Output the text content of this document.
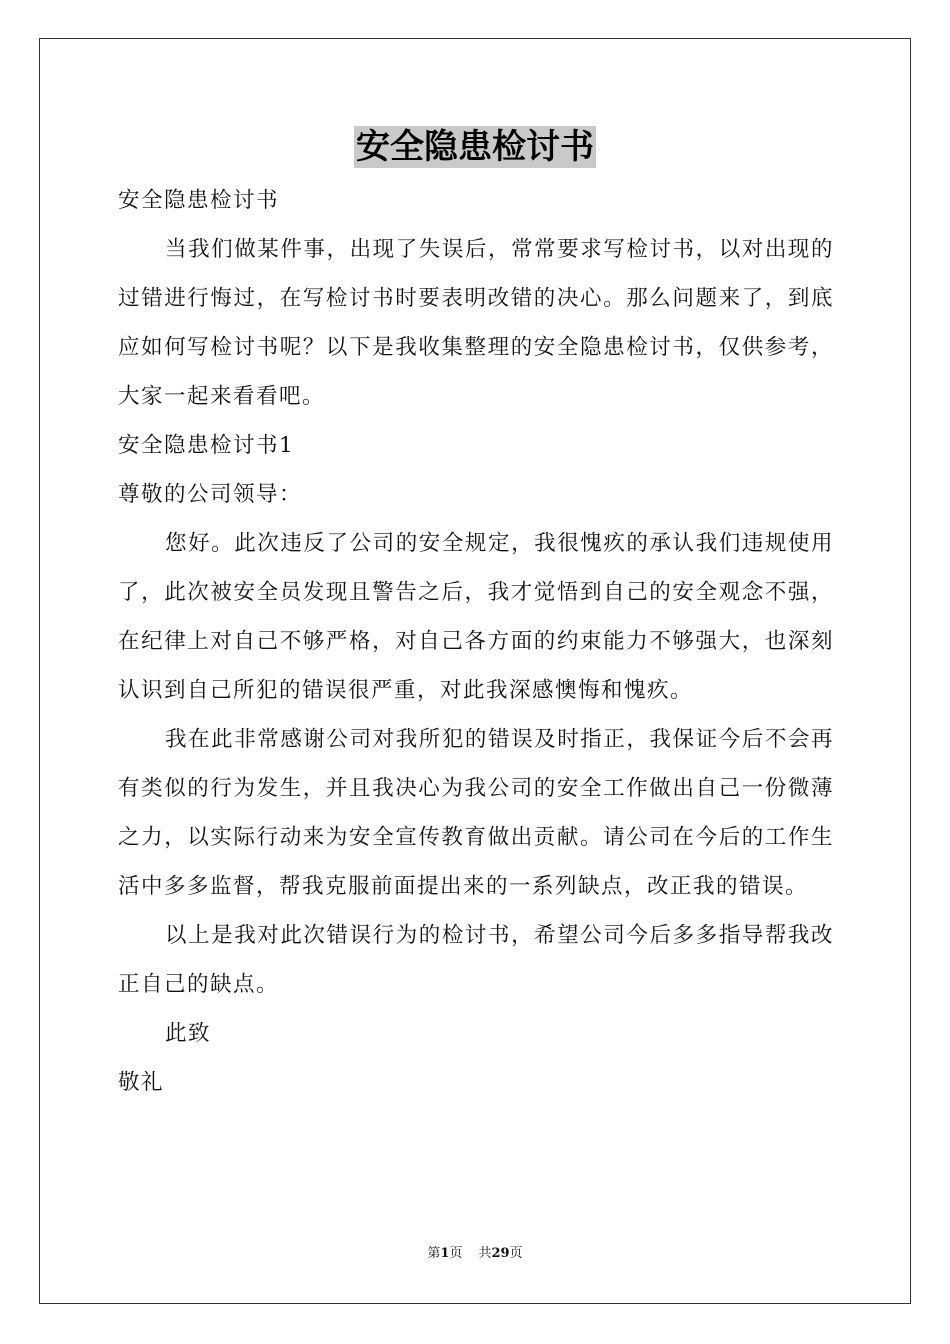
安全隐患检讨书

安全隐患检讨书

当我们做某件事，出现了失误后，常常要求写检讨书，以对出现的过错进行悔过，在写检讨书时要表明改错的决心。那么问题来了，到底应如何写检讨书呢？以下是我收集整理的安全隐患检讨书，仅供参考，大家一起来看看吧。

安全隐患检讨书1

尊敬的公司领导：

您好。此次违反了公司的安全规定，我很愧疚的承认我们违规使用了，此次被安全员发现且警告之后，我才觉悟到自己的安全观念不强，在纪律上对自己不够严格，对自己各方面的约束能力不够强大，也深刻认识到自己所犯的错误很严重，对此我深感懊悔和愧疚。

我在此非常感谢公司对我所犯的错误及时指正，我保证今后不会再有类似的行为发生，并且我决心为我公司的安全工作做出自己一份微薄之力，以实际行动来为安全宣传教育做出贡献。请公司在今后的工作生活中多多监督，帮我克服前面提出来的一系列缺点，改正我的错误。

以上是我对此次错误行为的检讨书，希望公司今后多多指导帮我改正自己的缺点。

此致

敬礼

第1页 共29页
